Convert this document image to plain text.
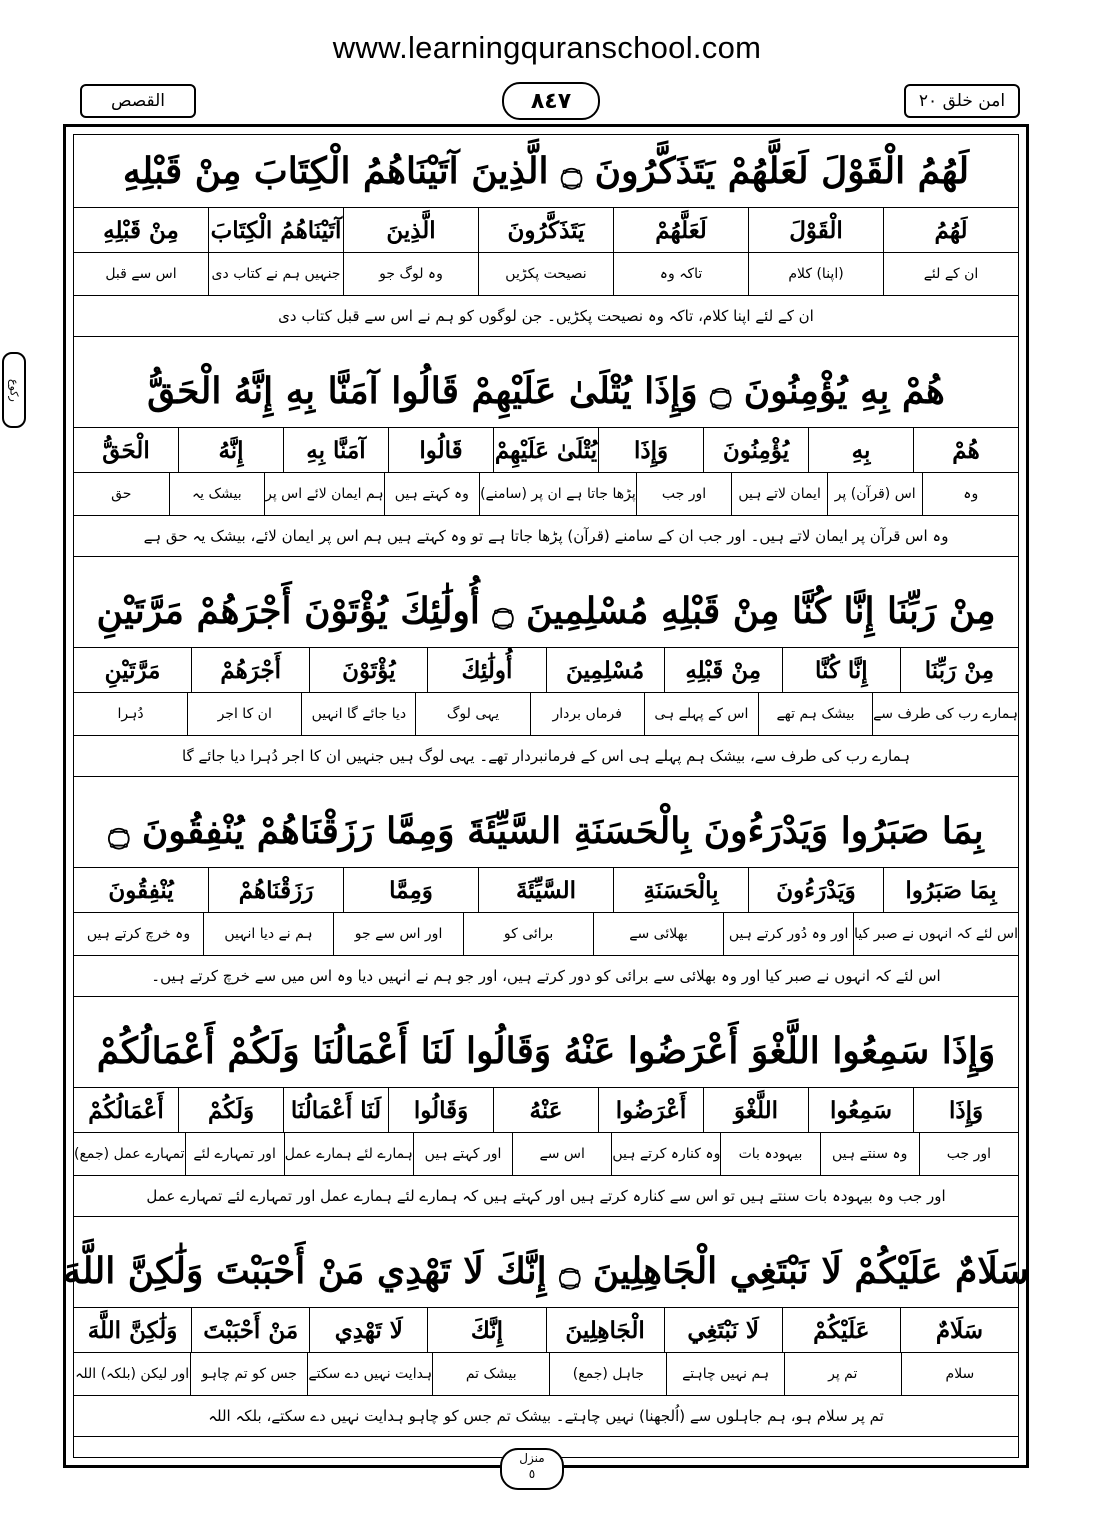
www.learningquranschool.com
القصص	٨٤٧	امن خلق ٢٠
ركوع
لَهُمُ الْقَوْلَ لَعَلَّهُمْ يَتَذَكَّرُونَ ۝ الَّذِينَ آتَيْنَاهُمُ الْكِتَابَ مِنْ قَبْلِهِ
لَهُمُ
الْقَوْلَ
لَعَلَّهُمْ
يَتَذَكَّرُونَ
الَّذِينَ
آتَيْنَاهُمُ الْكِتَابَ
مِنْ قَبْلِهِ
ان کے لئے
(اپنا) کلام
تاکہ وہ
نصیحت پکڑیں
وہ لوگ جو
جنہیں ہم نے کتاب دی
اس سے قبل
ان کے لئے اپنا کلام، تاکہ وہ نصیحت پکڑیں۔ جن لوگوں کو ہم نے اس سے قبل کتاب دی
هُمْ بِهِ يُؤْمِنُونَ ۝ وَإِذَا يُتْلَىٰ عَلَيْهِمْ قَالُوا آمَنَّا بِهِ إِنَّهُ الْحَقُّ
هُمْ
بِهِ
يُؤْمِنُونَ
وَإِذَا
يُتْلَىٰ عَلَيْهِمْ
قَالُوا
آمَنَّا بِهِ
إِنَّهُ
الْحَقُّ
وہ
اس (قرآن) پر
ایمان لاتے ہیں
اور جب
پڑھا جاتا ہے ان پر (سامنے)
وہ کہتے ہیں
ہم ایمان لائے اس پر
بیشک یہ
حق
وہ اس قرآن پر ایمان لاتے ہیں۔ اور جب ان کے سامنے (قرآن) پڑھا جاتا ہے تو وہ کہتے ہیں ہم اس پر ایمان لائے، بیشک یہ حق ہے
مِنْ رَبِّنَا إِنَّا كُنَّا مِنْ قَبْلِهِ مُسْلِمِينَ ۝ أُولَٰئِكَ يُؤْتَوْنَ أَجْرَهُمْ مَرَّتَيْنِ
مِنْ رَبِّنَا
إِنَّا كُنَّا
مِنْ قَبْلِهِ
مُسْلِمِينَ
أُولَٰئِكَ
يُؤْتَوْنَ
أَجْرَهُمْ
مَرَّتَيْنِ
ہمارے رب کی طرف سے
بیشک ہم تھے
اس کے پہلے ہی
فرماں بردار
یہی لوگ
دیا جائے گا انہیں
ان کا اجر
دُہرا
ہمارے رب کی طرف سے، بیشک ہم پہلے ہی اس کے فرمانبردار تھے۔ یہی لوگ ہیں جنہیں ان کا اجر دُہرا دیا جائے گا
بِمَا صَبَرُوا وَيَدْرَءُونَ بِالْحَسَنَةِ السَّيِّئَةَ وَمِمَّا رَزَقْنَاهُمْ يُنْفِقُونَ ۝
بِمَا صَبَرُوا
وَيَدْرَءُونَ
بِالْحَسَنَةِ
السَّيِّئَةَ
وَمِمَّا
رَزَقْنَاهُمْ
يُنْفِقُونَ
اس لئے کہ انہوں نے صبر کیا
اور وہ دُور کرتے ہیں
بھلائی سے
برائی کو
اور اس سے جو
ہم نے دیا انہیں
وہ خرچ کرتے ہیں
اس لئے کہ انہوں نے صبر کیا اور وہ بھلائی سے برائی کو دور کرتے ہیں، اور جو ہم نے انہیں دیا وہ اس میں سے خرچ کرتے ہیں۔
وَإِذَا سَمِعُوا اللَّغْوَ أَعْرَضُوا عَنْهُ وَقَالُوا لَنَا أَعْمَالُنَا وَلَكُمْ أَعْمَالُكُمْ
وَإِذَا
سَمِعُوا
اللَّغْوَ
أَعْرَضُوا
عَنْهُ
وَقَالُوا
لَنَا أَعْمَالُنَا
وَلَكُمْ
أَعْمَالُكُمْ
اور جب
وہ سنتے ہیں
بیہودہ بات
وہ کنارہ کرتے ہیں
اس سے
اور کہتے ہیں
ہمارے لئے ہمارے عمل
اور تمہارے لئے
تمہارے عمل (جمع)
اور جب وہ بیہودہ بات سنتے ہیں تو اس سے کنارہ کرتے ہیں اور کہتے ہیں کہ ہمارے لئے ہمارے عمل اور تمہارے لئے تمہارے عمل
سَلَامٌ عَلَيْكُمْ لَا نَبْتَغِي الْجَاهِلِينَ ۝ إِنَّكَ لَا تَهْدِي مَنْ أَحْبَبْتَ وَلَٰكِنَّ اللَّهَ
سَلَامٌ
عَلَيْكُمْ
لَا نَبْتَغِي
الْجَاهِلِينَ
إِنَّكَ
لَا تَهْدِي
مَنْ أَحْبَبْتَ
وَلَٰكِنَّ اللَّهَ
سلام
تم پر
ہم نہیں چاہتے
جاہل (جمع)
بیشک تم
ہدایت نہیں دے سکتے
جس کو تم چاہو
اور لیکن (بلکہ) اللہ
تم پر سلام ہو، ہم جاہلوں سے (اُلجھنا) نہیں چاہتے۔ بیشک تم جس کو چاہو ہدایت نہیں دے سکتے، بلکہ اللہ
منزل
٥
